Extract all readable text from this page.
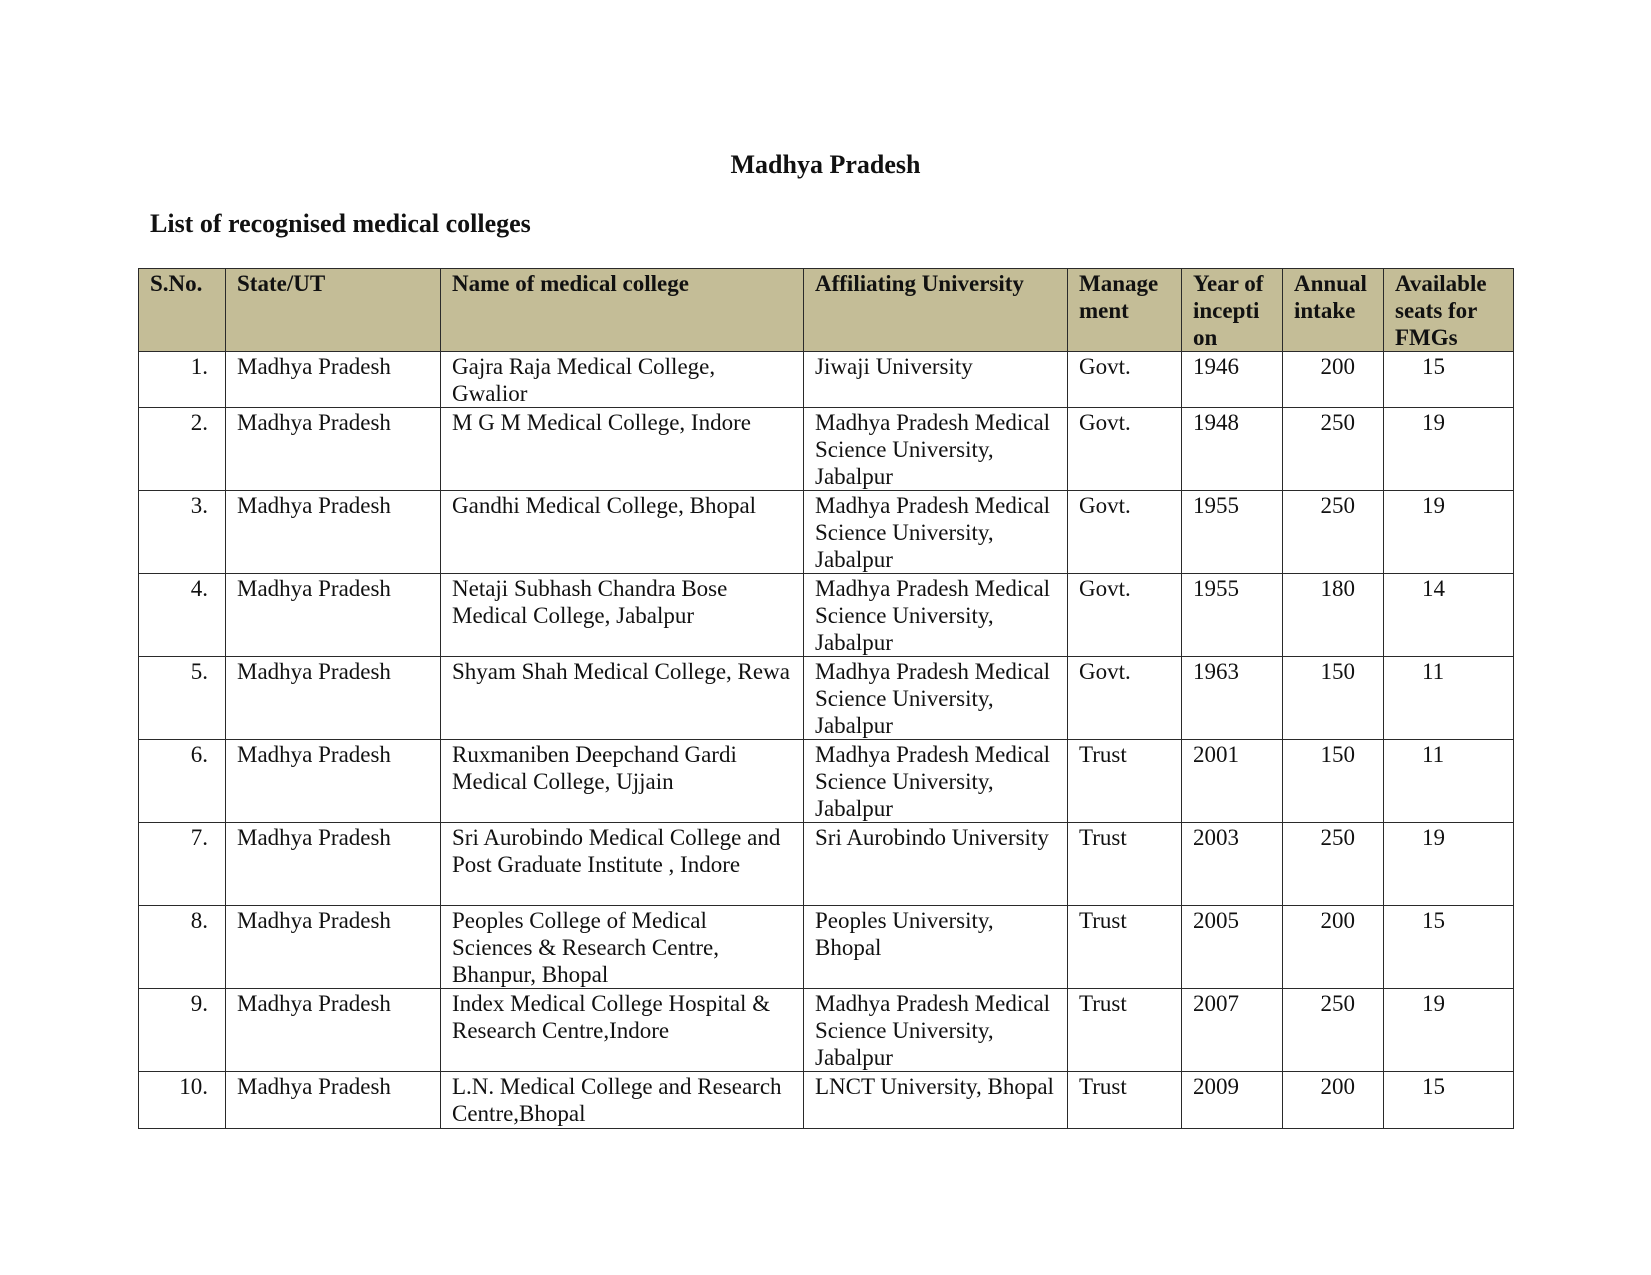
Madhya Pradesh
List of recognised medical colleges
S.No.	State/UT	Name of medical college	Affiliating University	Manage ment	Year of incepti on	Annual intake	Available seats for FMGs
1.	Madhya Pradesh	Gajra Raja Medical College, Gwalior	Jiwaji University	Govt.	1946	200	15
2.	Madhya Pradesh	M G M Medical College, Indore	Madhya Pradesh Medical Science University, Jabalpur	Govt.	1948	250	19
3.	Madhya Pradesh	Gandhi Medical College, Bhopal	Madhya Pradesh Medical Science University, Jabalpur	Govt.	1955	250	19
4.	Madhya Pradesh	Netaji Subhash Chandra Bose Medical College, Jabalpur	Madhya Pradesh Medical Science University, Jabalpur	Govt.	1955	180	14
5.	Madhya Pradesh	Shyam Shah Medical College, Rewa	Madhya Pradesh Medical Science University, Jabalpur	Govt.	1963	150	11
6.	Madhya Pradesh	Ruxmaniben Deepchand Gardi Medical College, Ujjain	Madhya Pradesh Medical Science University, Jabalpur	Trust	2001	150	11
7.	Madhya Pradesh	Sri Aurobindo Medical College and Post Graduate Institute , Indore	Sri Aurobindo University	Trust	2003	250	19
8.	Madhya Pradesh	Peoples College of Medical Sciences & Research Centre, Bhanpur, Bhopal	Peoples University, Bhopal	Trust	2005	200	15
9.	Madhya Pradesh	Index Medical College Hospital & Research Centre,Indore	Madhya Pradesh Medical Science University, Jabalpur	Trust	2007	250	19
10.	Madhya Pradesh	L.N. Medical College and Research Centre,Bhopal	LNCT University, Bhopal	Trust	2009	200	15
